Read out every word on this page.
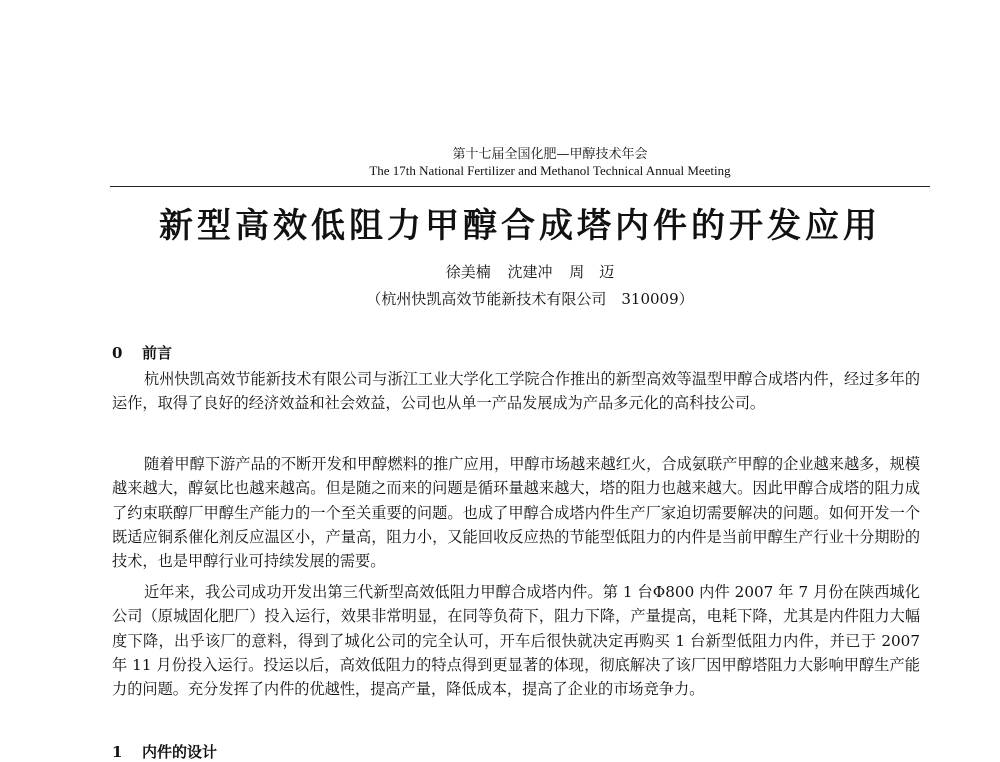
第十七届全国化肥—甲醇技术年会
The 17th National Fertilizer and Methanol Technical Annual Meeting
新型高效低阻力甲醇合成塔内件的开发应用
徐美楠 沈建冲 周　迈
（杭州快凯高效节能新技术有限公司　310009）
0 前言
杭州快凯高效节能新技术有限公司与浙江工业大学化工学院合作推出的新型高效等温型甲醇合成塔内件，经过多年的运作，取得了良好的经济效益和社会效益，公司也从单一产品发展成为产品多元化的高科技公司。
随着甲醇下游产品的不断开发和甲醇燃料的推广应用，甲醇市场越来越红火，合成氨联产甲醇的企业越来越多，规模越来越大，醇氨比也越来越高。但是随之而来的问题是循环量越来越大，塔的阻力也越来越大。因此甲醇合成塔的阻力成了约束联醇厂甲醇生产能力的一个至关重要的问题。也成了甲醇合成塔内件生产厂家迫切需要解决的问题。如何开发一个既适应铜系催化剂反应温区小，产量高，阻力小，又能回收反应热的节能型低阻力的内件是当前甲醇生产行业十分期盼的技术，也是甲醇行业可持续发展的需要。
近年来，我公司成功开发出第三代新型高效低阻力甲醇合成塔内件。第 1 台Φ800 内件 2007 年 7 月份在陕西城化公司（原城固化肥厂）投入运行，效果非常明显，在同等负荷下，阻力下降，产量提高，电耗下降，尤其是内件阻力大幅度下降，出乎该厂的意料，得到了城化公司的完全认可，开车后很快就决定再购买 1 台新型低阻力内件，并已于 2007 年 11 月份投入运行。投运以后，高效低阻力的特点得到更显著的体现，彻底解决了该厂因甲醇塔阻力大影响甲醇生产能力的问题。充分发挥了内件的优越性，提高产量，降低成本，提高了企业的市场竞争力。
1 内件的设计
